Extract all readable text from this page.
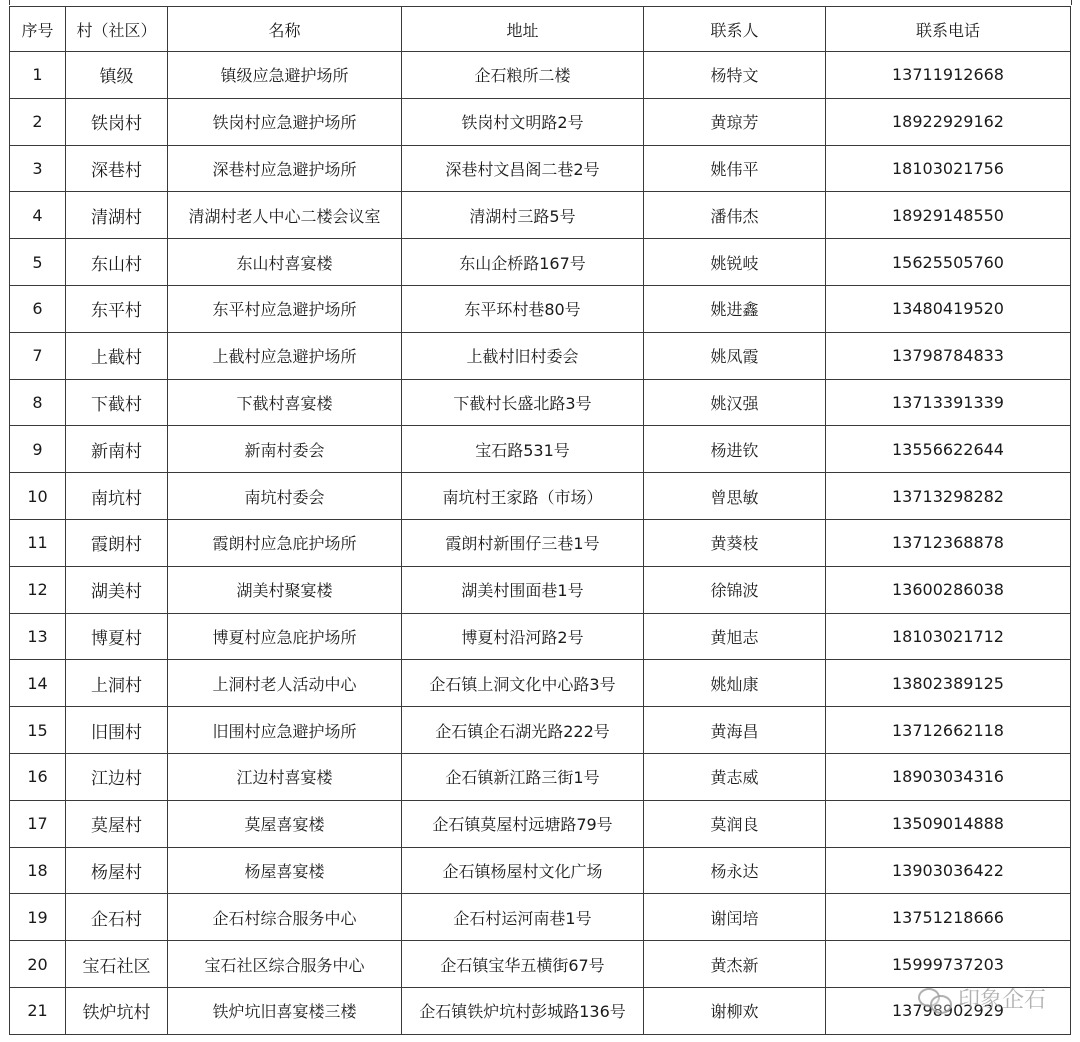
序号	村（社区）	名称	地址	联系人	联系电话
1	镇级	镇级应急避护场所	企石粮所二楼	杨特文	13711912668
2	铁岗村	铁岗村应急避护场所	铁岗村文明路2号	黄琼芳	18922929162
3	深巷村	深巷村应急避护场所	深巷村文昌阁二巷2号	姚伟平	18103021756
4	清湖村	清湖村老人中心二楼会议室	清湖村三路5号	潘伟杰	18929148550
5	东山村	东山村喜宴楼	东山企桥路167号	姚锐岐	15625505760
6	东平村	东平村应急避护场所	东平环村巷80号	姚进鑫	13480419520
7	上截村	上截村应急避护场所	上截村旧村委会	姚凤霞	13798784833
8	下截村	下截村喜宴楼	下截村长盛北路3号	姚汉强	13713391339
9	新南村	新南村委会	宝石路531号	杨进钦	13556622644
10	南坑村	南坑村委会	南坑村王家路（市场）	曾思敏	13713298282
11	霞朗村	霞朗村应急庇护场所	霞朗村新围仔三巷1号	黄葵枝	13712368878
12	湖美村	湖美村聚宴楼	湖美村围面巷1号	徐锦波	13600286038
13	博夏村	博夏村应急庇护场所	博夏村沿河路2号	黄旭志	18103021712
14	上洞村	上洞村老人活动中心	企石镇上洞文化中心路3号	姚灿康	13802389125
15	旧围村	旧围村应急避护场所	企石镇企石湖光路222号	黄海昌	13712662118
16	江边村	江边村喜宴楼	企石镇新江路三街1号	黄志威	18903034316
17	莫屋村	莫屋喜宴楼	企石镇莫屋村远塘路79号	莫润良	13509014888
18	杨屋村	杨屋喜宴楼	企石镇杨屋村文化广场	杨永达	13903036422
19	企石村	企石村综合服务中心	企石村运河南巷1号	谢闰培	13751218666
20	宝石社区	宝石社区综合服务中心	企石镇宝华五横街67号	黄杰新	15999737203
21	铁炉坑村	铁炉坑旧喜宴楼三楼	企石镇铁炉坑村彭城路136号	谢柳欢	13798902929
印象企石
